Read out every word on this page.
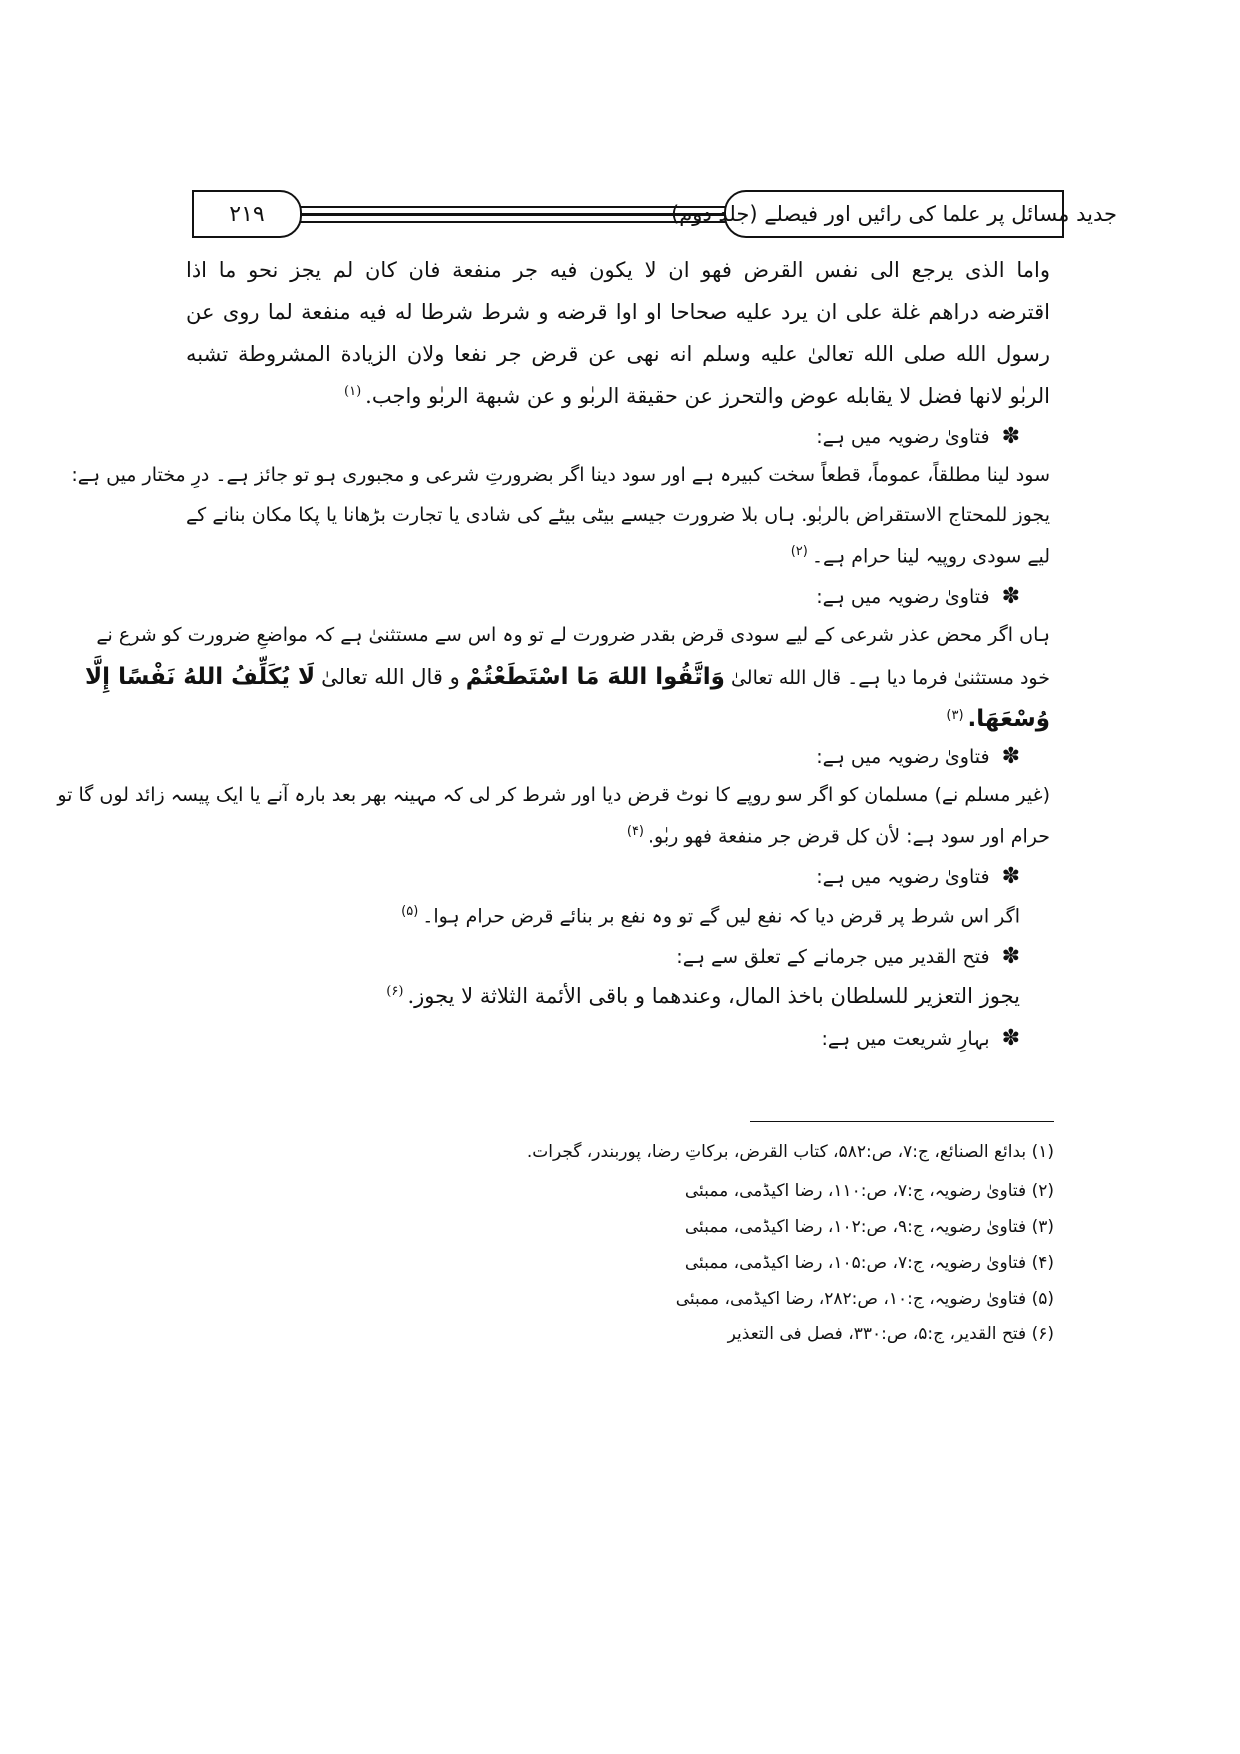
۲۱۹	جدید مسائل پر علما کی رائیں اور فیصلے (جلد دوم)
واما الذی یرجع الی نفس القرض فهو ان لا یکون فیه جر منفعة فان کان لم یجز نحو ما اذا
اقترضه دراهم غلة علی ان یرد علیه صحاحا او اوا قرضه و شرط شرطا له فیه منفعة لما روی عن
رسول الله صلی الله تعالیٰ علیه وسلم انه نهی عن قرض جر نفعا ولان الزیادة المشروطة تشبه
الربٰو لانها فضل لا یقابله عوض والتحرز عن حقیقة الربٰو و عن شبهة الربٰو واجب.$^{(۱)}$
✽فتاویٰ رضویہ میں ہے:
سود لینا مطلقاً، عموماً، قطعاً سخت کبیرہ ہے اور سود دینا اگر بضرورتِ شرعی و مجبوری ہو تو جائز ہے۔ درِ مختار میں ہے:
یجوز للمحتاج الاستقراض بالربٰو. ہاں بلا ضرورت جیسے بیٹی بیٹے کی شادی یا تجارت بڑھانا یا پکا مکان بنانے کے
لیے سودی روپیہ لینا حرام ہے۔$^{(۲)}$
✽فتاویٰ رضویہ میں ہے:
ہاں اگر محض عذر شرعی کے لیے سودی قرض بقدر ضرورت لے تو وہ اس سے مستثنیٰ ہے کہ مواضعِ ضرورت کو شرع نے
خود مستثنیٰ فرما دیا ہے۔ قال الله تعالیٰ وَاتَّقُوا اللهَ مَا اسْتَطَعْتُمْ و قال الله تعالیٰ لَا يُكَلِّفُ اللهُ نَفْسًا إِلَّا
وُسْعَهَا.$^{(۳)}$
✽فتاویٰ رضویہ میں ہے:
(غیر مسلم نے) مسلمان کو اگر سو روپے کا نوٹ قرض دیا اور شرط کر لی کہ مہینہ بھر بعد بارہ آنے یا ایک پیسہ زائد لوں گا تو
حرام اور سود ہے: لأن کل قرض جر منفعة فهو ربٰو.$^{(۴)}$
✽فتاویٰ رضویہ میں ہے:
اگر اس شرط پر قرض دیا کہ نفع لیں گے تو وہ نفع بر بنائے قرض حرام ہوا۔$^{(۵)}$
✽فتح القدیر میں جرمانے کے تعلق سے ہے:
یجوز التعزیر للسلطان باخذ المال، وعندهما و باقی الأئمة الثلاثة لا یجوز.$^{(۶)}$
✽بہارِ شریعت میں ہے:
(۱) بدائع الصنائع، ج:۷، ص:۵۸۲، کتاب القرض، برکاتِ رضا، پوربندر، گجرات.
(۲) فتاویٰ رضویہ، ج:۷، ص:۱۱۰، رضا اکیڈمی، ممبئی
(۳) فتاویٰ رضویہ، ج:۹، ص:۱۰۲، رضا اکیڈمی، ممبئی
(۴) فتاویٰ رضویہ، ج:۷، ص:۱۰۵، رضا اکیڈمی، ممبئی
(۵) فتاویٰ رضویہ، ج:۱۰، ص:۲۸۲، رضا اکیڈمی، ممبئی
(۶) فتح القدیر، ج:۵، ص:۳۳۰، فصل فی التعذیر
